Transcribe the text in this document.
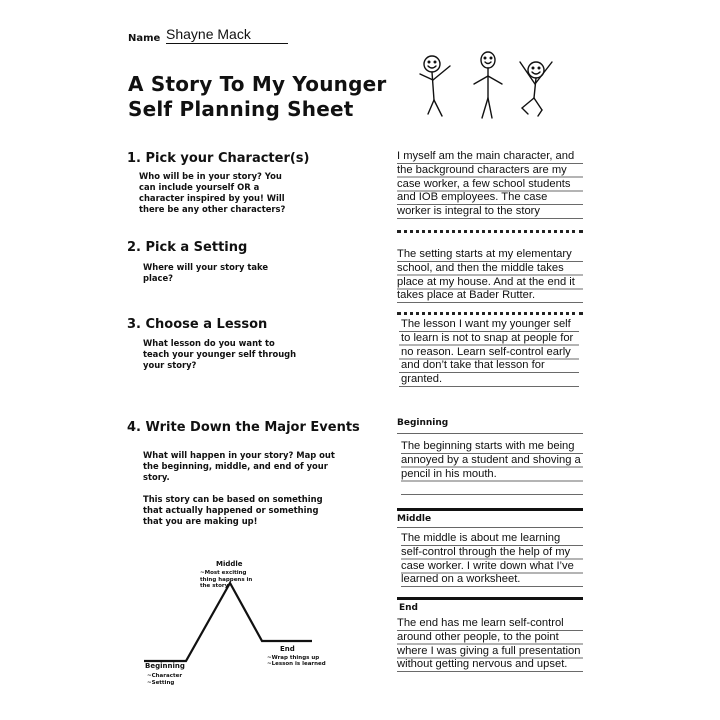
Name Shayne Mack
A Story To My Younger
Self Planning Sheet
1. Pick your Character(s)
Who will be in your story? You can include yourself OR a character inspired by you! Will there be any other characters?
I myself am the main character, and the background characters are my case worker, a few school students and IOB employees. The case worker is integral to the story
2. Pick a Setting
Where will your story take place?
The setting starts at my elementary school, and then the middle takes place at my house. And at the end it takes place at Bader Rutter.
3. Choose a Lesson
What lesson do you want to teach your younger self through your story?
The lesson I want my younger self to learn is not to snap at people for no reason. Learn self-control early and don’t take that lesson for granted.
4. Write Down the Major Events
What will happen in your story? Map out the beginning, middle, and end of your story.
This story can be based on something that actually happened or something that you are making up!
Beginning
The beginning starts with me being annoyed by a student and shoving a pencil in his mouth.
Middle
The middle is about me learning self-control through the help of my case worker. I write down what I’ve learned on a worksheet.
End
The end has me learn self-control around other people, to the point where I was giving a full presentation without getting nervous and upset.
Middle
~Most exciting thing happens in the story
Beginning
~Character
~Setting
End
~Wrap things up
~Lesson is learned
